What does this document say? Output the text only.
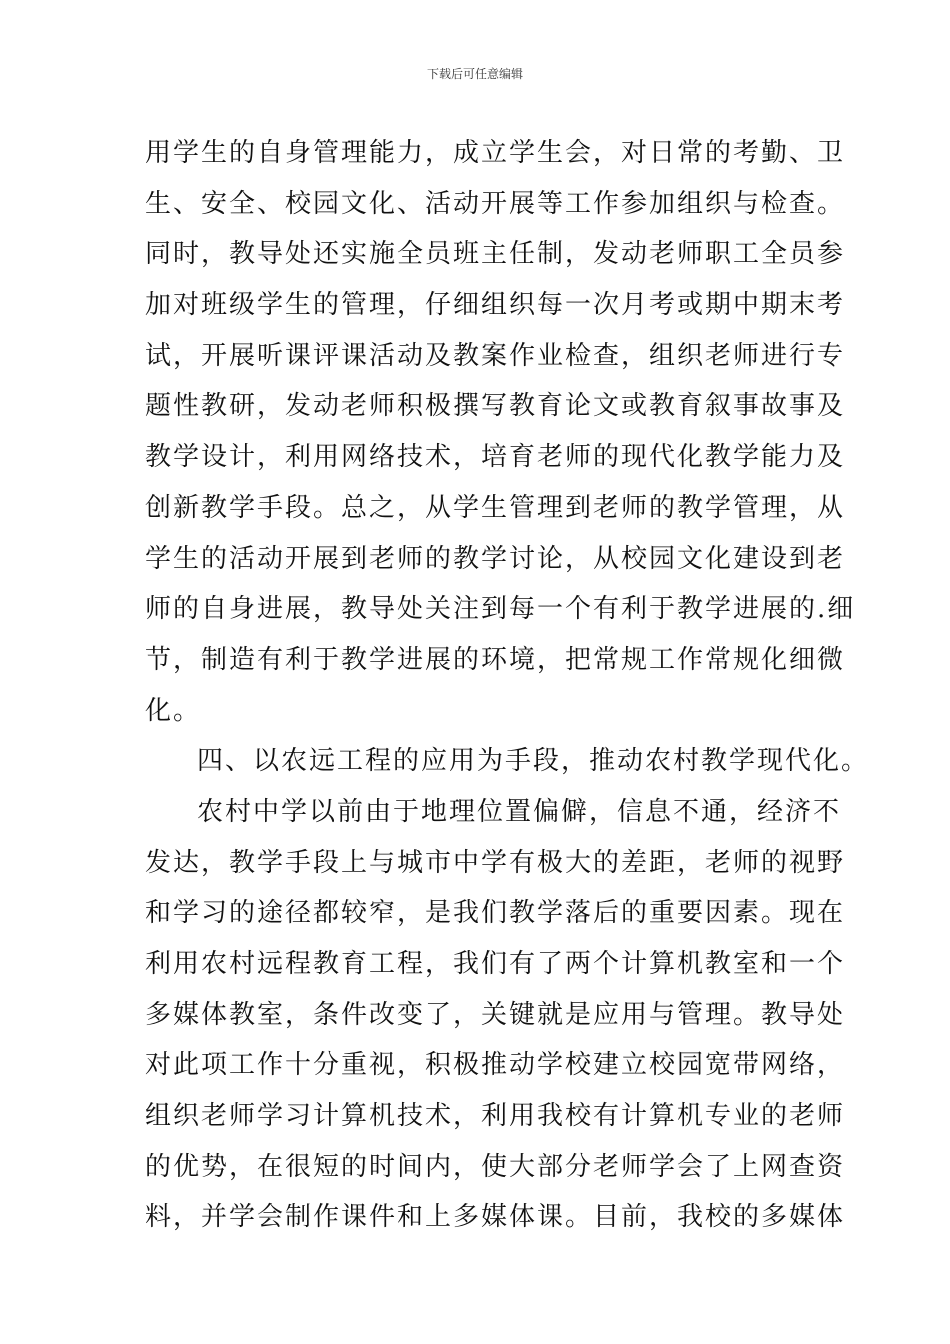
下载后可任意编辑
用学生的自身管理能力，成立学生会，对日常的考勤、卫
生、安全、校园文化、活动开展等工作参加组织与检查。
同时，教导处还实施全员班主任制，发动老师职工全员参
加对班级学生的管理，仔细组织每一次月考或期中期末考
试，开展听课评课活动及教案作业检查，组织老师进行专
题性教研，发动老师积极撰写教育论文或教育叙事故事及
教学设计，利用网络技术，培育老师的现代化教学能力及
创新教学手段。总之，从学生管理到老师的教学管理，从
学生的活动开展到老师的教学讨论，从校园文化建设到老
师的自身进展，教导处关注到每一个有利于教学进展的.细
节，制造有利于教学进展的环境，把常规工作常规化细微
化。
四、以农远工程的应用为手段，推动农村教学现代化。
农村中学以前由于地理位置偏僻，信息不通，经济不
发达，教学手段上与城市中学有极大的差距，老师的视野
和学习的途径都较窄，是我们教学落后的重要因素。现在
利用农村远程教育工程，我们有了两个计算机教室和一个
多媒体教室，条件改变了，关键就是应用与管理。教导处
对此项工作十分重视，积极推动学校建立校园宽带网络，
组织老师学习计算机技术，利用我校有计算机专业的老师
的优势，在很短的时间内，使大部分老师学会了上网查资
料，并学会制作课件和上多媒体课。目前，我校的多媒体
